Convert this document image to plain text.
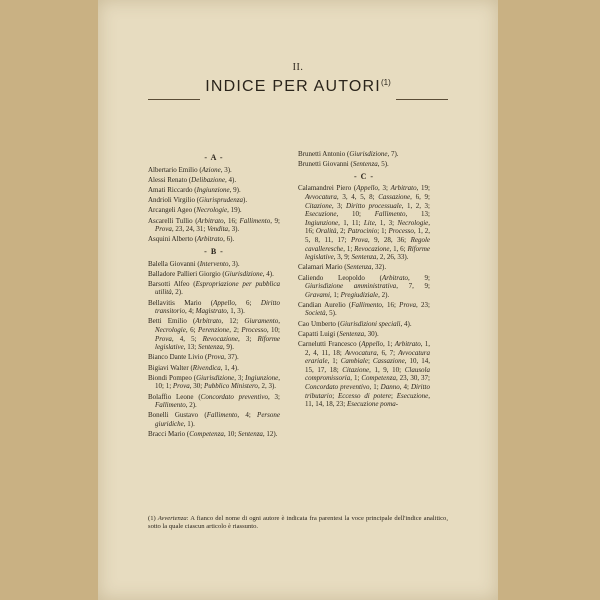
II.
INDICE PER AUTORI$^{(1)}$
- A -
Albertario Emilio (Azione, 3).
Alessi Renato (Delibazione, 4).
Amati Riccardo (Ingiunzione, 9).
Andrioli Virgilio (Giurisprudenza).
Arcangeli Ageo (Necrologie, 19).
Ascarelli Tullio (Arbitrato, 16; Fallimento, 9; Prova, 23, 24, 31; Vendita, 3).
Asquini Alberto (Arbitrato, 6).
- B -
Balella Giovanni (Intervento, 3).
Balladore Pallieri Giorgio (Giurisdizione, 4).
Barsotti Alfeo (Espropriazione per pubblica utilità, 2).
Bellavitis Mario (Appello, 6; Diritto transitorio, 4; Magistrato, 1, 3).
Betti Emilio (Arbitrato, 12; Giuramento, Necrologie, 6; Perenzione, 2; Processo, 10; Prova, 4, 5; Revocazione, 3; Riforme legislative, 13; Sentenza, 9).
Bianco Dante Livio (Prova, 37).
Bigiavi Walter (Rivendica, 1, 4).
Biondi Pompeo (Giurisdizione, 3; Ingiunzione, 10; 1; Prova, 30; Pubblico Ministero, 2, 3).
Bolaffio Leone (Concordato preventivo, 3; Fallimento, 2).
Bonelli Gustavo (Fallimento, 4; Persone giuridiche, 1).
Bracci Mario (Competenza, 10; Sentenza, 12).
Brunetti Antonio (Giurisdizione, 7).
Brunetti Giovanni (Sentenza, 5).
- C -
Calamandrei Piero (Appello, 3; Arbitrato, 19; Avvocatura, 3, 4, 5, 8; Cassazione, 6, 9; Citazione, 3; Diritto processuale, 1, 2, 3; Esecuzione, 10; Fallimento, 13; Ingiunzione, 1, 11; Lite, 1, 3; Necrologie, 16; Oralità, 2; Patrocinio; 1; Processo, 1, 2, 5, 8, 11, 17; Prova, 9, 28, 36; Regole cavalleresche, 1; Revocazione, 1, 6; Riforme legislative, 3, 9; Sentenza, 2, 26, 33).
Calamari Mario (Sentenza, 32).
Caliendo Leopoldo (Arbitrato, 9; Giurisdizione amministrativa, 7, 9; Gravami, 1; Pregiudiziale, 2).
Candian Aurelio (Fallimento, 16; Prova, 23; Società, 5).
Cao Umberto (Giurisdizioni speciali, 4).
Capatti Luigi (Sentenza, 30).
Carnelutti Francesco (Appello, 1; Arbitrato, 1, 2, 4, 11, 18; Avvocatura, 6, 7; Avvocatura erariale, 1; Cambiale; Cassazione, 10, 14, 15, 17, 18; Citazione, 1, 9, 10; Clausola compromissoria, 1; Competenza, 23, 30, 37; Concordato preventivo, 1; Danno, 4; Diritto tributario; Eccesso di potere; Esecuzione, 11, 14, 18, 23; Esecuzione poma-
(1) Avvertenza: A fianco del nome di ogni autore è indicata fra parentesi la voce principale dell'indice analitico, sotto la quale ciascun articolo è riassunto.
